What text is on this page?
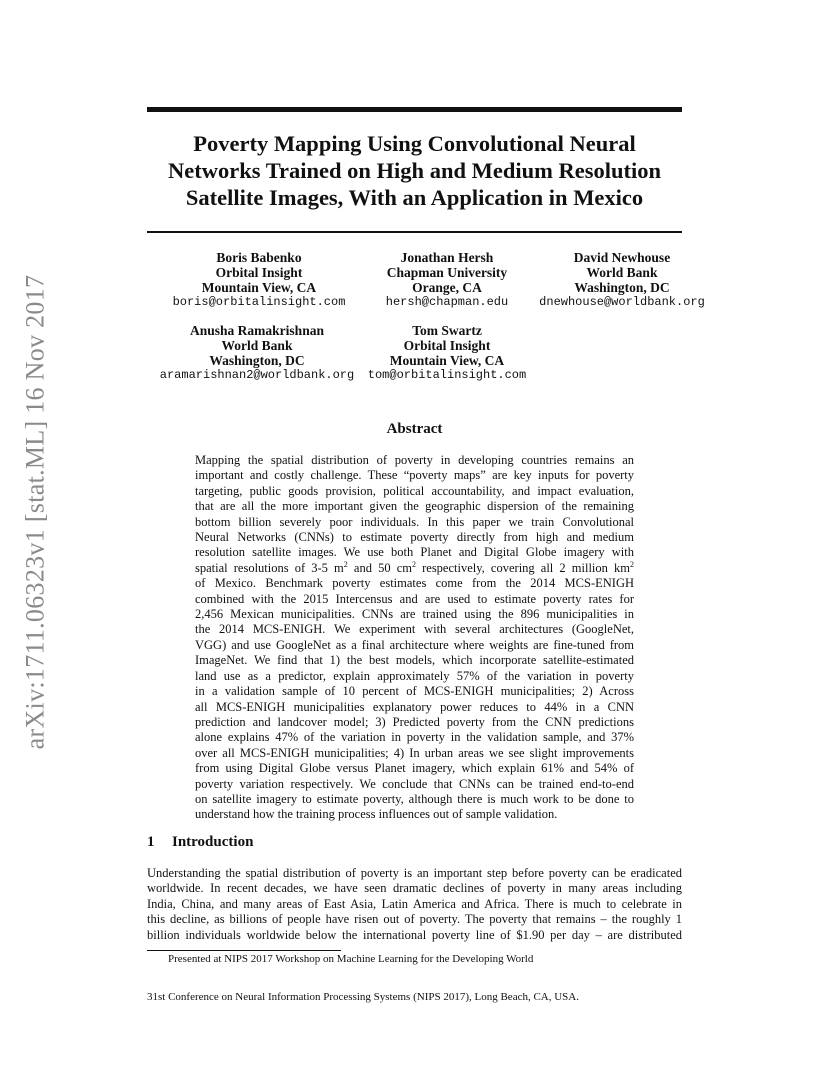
arXiv:1711.06323v1 [stat.ML] 16 Nov 2017
Poverty Mapping Using Convolutional Neural
Networks Trained on High and Medium Resolution
Satellite Images, With an Application in Mexico
Boris Babenko
Orbital Insight
Mountain View, CA
boris@orbitalinsight.com
Jonathan Hersh
Chapman University
Orange, CA
hersh@chapman.edu
David Newhouse
World Bank
Washington, DC
dnewhouse@worldbank.org
Anusha Ramakrishnan
World Bank
Washington, DC
aramarishnan2@worldbank.org
Tom Swartz
Orbital Insight
Mountain View, CA
tom@orbitalinsight.com
Abstract
Mapping the spatial distribution of poverty in developing countries remains an
important and costly challenge. These “poverty maps” are key inputs for poverty
targeting, public goods provision, political accountability, and impact evaluation,
that are all the more important given the geographic dispersion of the remaining
bottom billion severely poor individuals. In this paper we train Convolutional
Neural Networks (CNNs) to estimate poverty directly from high and medium
resolution satellite images. We use both Planet and Digital Globe imagery with
spatial resolutions of 3-5 $m^2$ and 50 $cm^2$ respectively, covering all 2 million $km^2$
of Mexico. Benchmark poverty estimates come from the 2014 MCS-ENIGH
combined with the 2015 Intercensus and are used to estimate poverty rates for
2,456 Mexican municipalities. CNNs are trained using the 896 municipalities in
the 2014 MCS-ENIGH. We experiment with several architectures (GoogleNet,
VGG) and use GoogleNet as a final architecture where weights are fine-tuned from
ImageNet. We find that 1) the best models, which incorporate satellite-estimated
land use as a predictor, explain approximately 57% of the variation in poverty
in a validation sample of 10 percent of MCS-ENIGH municipalities; 2) Across
all MCS-ENIGH municipalities explanatory power reduces to 44% in a CNN
prediction and landcover model; 3) Predicted poverty from the CNN predictions
alone explains 47% of the variation in poverty in the validation sample, and 37%
over all MCS-ENIGH municipalities; 4) In urban areas we see slight improvements
from using Digital Globe versus Planet imagery, which explain 61% and 54% of
poverty variation respectively. We conclude that CNNs can be trained end-to-end
on satellite imagery to estimate poverty, although there is much work to be done to
understand how the training process influences out of sample validation.
1 Introduction
Understanding the spatial distribution of poverty is an important step before poverty can be eradicated
worldwide. In recent decades, we have seen dramatic declines of poverty in many areas including
India, China, and many areas of East Asia, Latin America and Africa. There is much to celebrate in
this decline, as billions of people have risen out of poverty. The poverty that remains – the roughly 1
billion individuals worldwide below the international poverty line of $1.90 per day – are distributed
Presented at NIPS 2017 Workshop on Machine Learning for the Developing World
31st Conference on Neural Information Processing Systems (NIPS 2017), Long Beach, CA, USA.
